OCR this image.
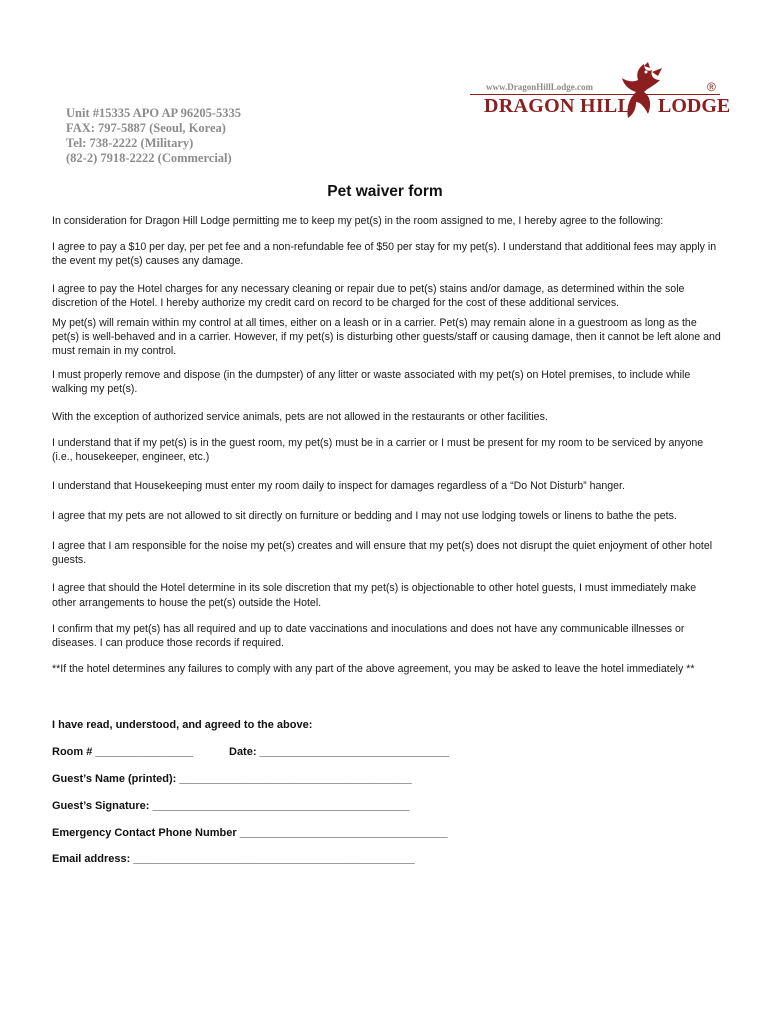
Unit #15335 APO AP 96205-5335
FAX: 797-5887 (Seoul, Korea)
Tel: 738-2222 (Military)
(82-2) 7918-2222 (Commercial)
www.DragonHillLodge.com
DRAGON HILL LODGE
®
Pet waiver form

In consideration for Dragon Hill Lodge permitting me to keep my pet(s) in the room assigned to me, I hereby agree to the following:

I agree to pay a $10 per day, per pet fee and a non-refundable fee of $50 per stay for my pet(s). I understand that additional fees may apply in the event my pet(s) causes any damage.

I agree to pay the Hotel charges for any necessary cleaning or repair due to pet(s) stains and/or damage, as determined within the sole discretion of the Hotel. I hereby authorize my credit card on record to be charged for the cost of these additional services.

My pet(s) will remain within my control at all times, either on a leash or in a carrier. Pet(s) may remain alone in a guestroom as long as the pet(s) is well-behaved and in a carrier. However, if my pet(s) is disturbing other guests/staff or causing damage, then it cannot be left alone and must remain in my control.

I must properly remove and dispose (in the dumpster) of any litter or waste associated with my pet(s) on Hotel premises, to include while walking my pet(s).

With the exception of authorized service animals, pets are not allowed in the restaurants or other facilities.

I understand that if my pet(s) is in the guest room, my pet(s) must be in a carrier or I must be present for my room to be serviced by anyone (i.e., housekeeper, engineer, etc.)

I understand that Housekeeping must enter my room daily to inspect for damages regardless of a “Do Not Disturb” hanger.

I agree that my pets are not allowed to sit directly on furniture or bedding and I may not use lodging towels or linens to bathe the pets.

I agree that I am responsible for the noise my pet(s) creates and will ensure that my pet(s) does not disrupt the quiet enjoyment of other hotel guests.

I agree that should the Hotel determine in its sole discretion that my pet(s) is objectionable to other hotel guests, I must immediately make other arrangements to house the pet(s) outside the Hotel.

I confirm that my pet(s) has all required and up to date vaccinations and inoculations and does not have any communicable illnesses or diseases. I can produce those records if required.

**If the hotel determines any failures to comply with any part of the above agreement, you may be asked to leave the hotel immediately **

I have read, understood, and agreed to the above:
Room # ________________	Date: _______________________________
Guest’s Name (printed): ______________________________________
Guest’s Signature: __________________________________________
Emergency Contact Phone Number __________________________________
Email address: ______________________________________________
